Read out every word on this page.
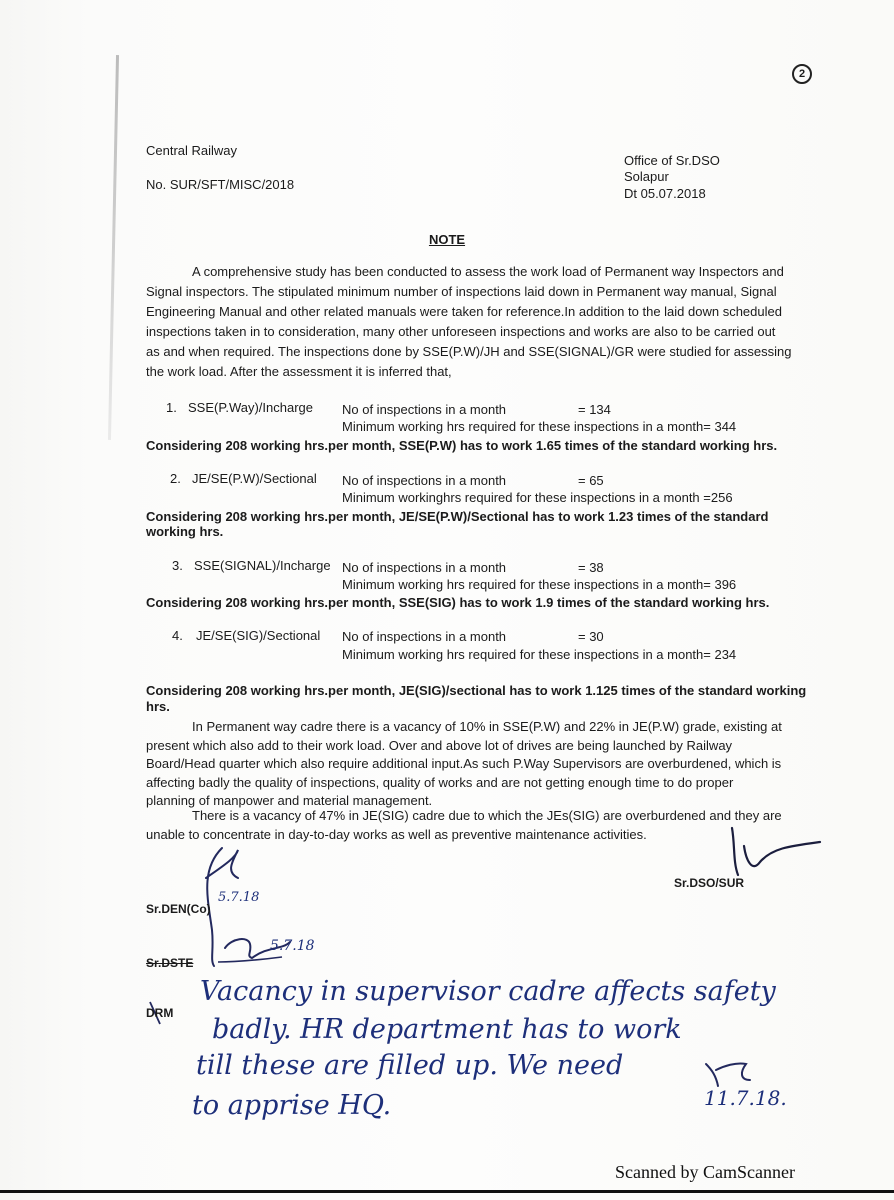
2
Central Railway
No. SUR/SFT/MISC/2018
Office of Sr.DSO
Solapur
Dt 05.07.2018
NOTE
A comprehensive study has been conducted to assess the work load of Permanent way Inspectors and
Signal inspectors. The stipulated minimum number of inspections laid down in Permanent way manual, Signal
Engineering Manual and other related manuals were taken for reference.In addition to the laid down scheduled
inspections taken in to consideration, many other unforeseen inspections and works are also to be carried out
as and when required. The inspections done by SSE(P.W)/JH and SSE(SIGNAL)/GR were studied for assessing
the work load. After the assessment it is inferred that,
1. SSE(P.Way)/Incharge No of inspections in a month	= 134
Minimum working hrs required for these inspections in a month= 344
Considering 208 working hrs.per month, SSE(P.W) has to work 1.65 times of the standard working hrs.
2. JE/SE(P.W)/Sectional No of inspections in a month	= 65
Minimum workinghrs required for these inspections in a month =256
Considering 208 working hrs.per month, JE/SE(P.W)/Sectional has to work 1.23 times of the standard
working hrs.
3. SSE(SIGNAL)/Incharge No of inspections in a month	= 38
Minimum working hrs required for these inspections in a month= 396
Considering 208 working hrs.per month, SSE(SIG) has to work 1.9 times of the standard working hrs.
4. JE/SE(SIG)/Sectional No of inspections in a month	= 30
Minimum working hrs required for these inspections in a month= 234
Considering 208 working hrs.per month, JE(SIG)/sectional has to work 1.125 times of the standard working
hrs.
In Permanent way cadre there is a vacancy of 10% in SSE(P.W) and 22% in JE(P.W) grade, existing at
present which also add to their work load. Over and above lot of drives are being launched by Railway
Board/Head quarter which also require additional input.As such P.Way Supervisors are overburdened, which is
affecting badly the quality of inspections, quality of works and are not getting enough time to do proper
planning of manpower and material management.
There is a vacancy of 47% in JE(SIG) cadre due to which the JEs(SIG) are overburdened and they are
unable to concentrate in day-to-day works as well as preventive maintenance activities.
Sr.DSO/SUR
Sr.DEN(Co)
Sr.DSTE
DRM
5.7.18
5.7.18
Vacancy in supervisor cadre affects safety
badly. HR department has to work
till these are filled up. We need
to apprise HQ.	11.7.18.
Scanned by CamScanner
